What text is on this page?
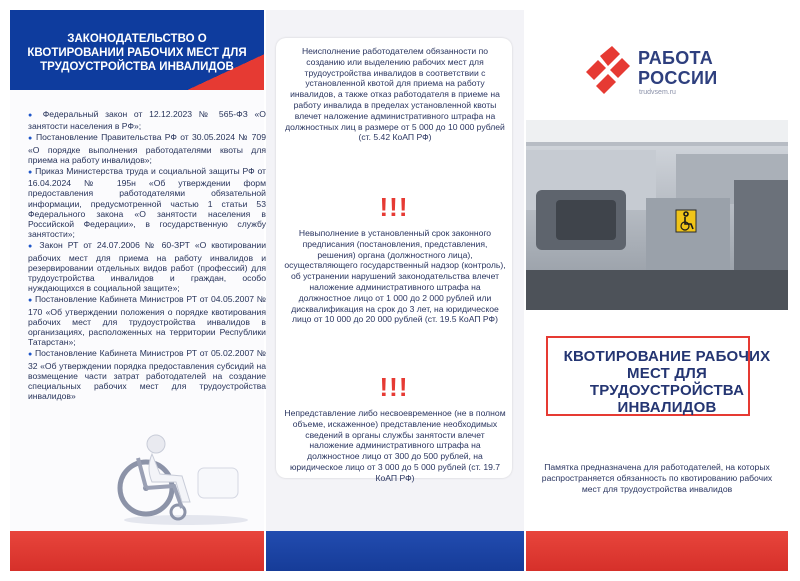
ЗАКОНОДАТЕЛЬСТВО О КВОТИРОВАНИИ РАБОЧИХ МЕСТ ДЛЯ ТРУДОУСТРОЙСТВА ИНВАЛИДОВ
● Федеральный закон от 12.12.2023 № 565-ФЗ «О занятости населения в РФ»;
● Постановление Правительства РФ от 30.05.2024 № 709 «О порядке выполнения работодателями квоты для приема на работу инвалидов»;
● Приказ Министерства труда и социальной защиты РФ от 16.04.2024 № 195н «Об утверждении форм предоставления работодателями обязательной информации, предусмотренной частью 1 статьи 53 Федерального закона «О занятости населения в Российской Федерации», в государственную службу занятости»;
● Закон РТ от 24.07.2006 № 60-ЗРТ «О квотировании рабочих мест для приема на работу инвалидов и резервировании отдельных видов работ (профессий) для трудоустройства инвалидов и граждан, особо нуждающихся в социальной защите»;
● Постановление Кабинета Министров РТ от 04.05.2007 № 170 «Об утверждении положения о порядке квотирования рабочих мест для трудоустройства инвалидов в организациях, расположенных на территории Республики Татарстан»;
● Постановление Кабинета Министров РТ от 05.02.2007 № 32 «Об утверждении порядка предоставления субсидий на возмещение части затрат работодателей на создание специальных рабочих мест для трудоустройства инвалидов»

Неисполнение работодателем обязанности по созданию или выделению рабочих мест для трудоустройства инвалидов в соответствии с установленной квотой для приема на работу инвалидов, а также отказ работодателя в приеме на работу инвалида в пределах установленной квоты влечет наложение административного штрафа на должностных лиц в размере от 5 000 до 10 000 рублей (ст. 5.42 КоАП РФ)

!!!

Невыполнение в установленный срок законного предписания (постановления, представления, решения) органа (должностного лица), осуществляющего государственный надзор (контроль), об устранении нарушений законодательства влечет наложение административного штрафа на должностное лицо от 1 000 до 2 000 рублей или дисквалификация на срок до 3 лет, на юридическое лицо от 10 000 до 20 000 рублей (ст. 19.5 КоАП РФ)

!!!

Непредставление либо несвоевременное (не в полном объеме, искаженное) представление необходимых сведений в органы службы занятости влечет наложение административного штрафа на должностное лицо от 300 до 500 рублей, на юридическое лицо от 3 000 до 5 000 рублей (ст. 19.7 КоАП РФ)

РАБОТА РОССИИ
trudvsem.ru
КВОТИРОВАНИЕ РАБОЧИХ МЕСТ ДЛЯ ТРУДОУСТРОЙСТВА ИНВАЛИДОВ

Памятка предназначена для работодателей, на которых распространяется обязанность по квотированию рабочих мест для трудоустройства инвалидов
